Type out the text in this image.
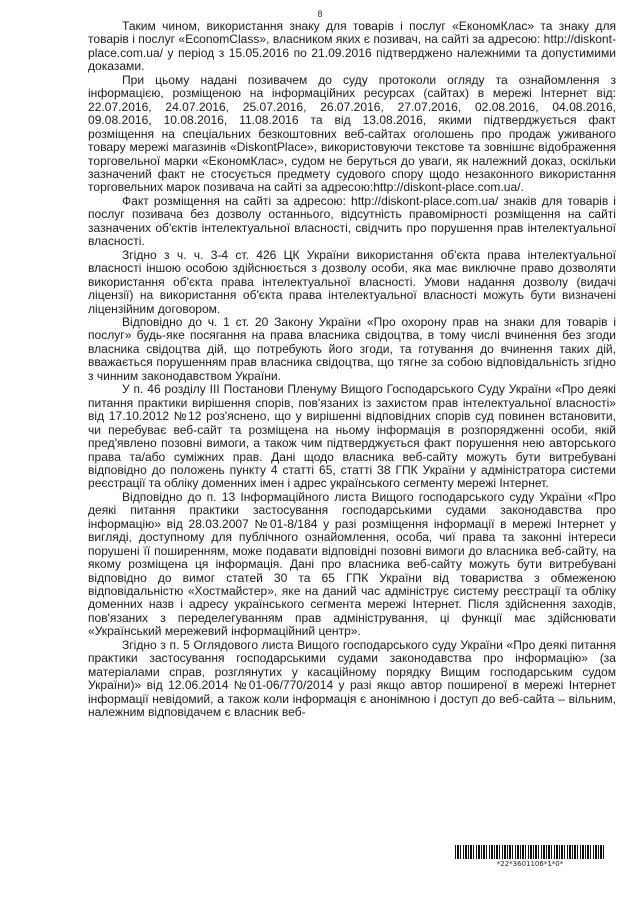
8

Таким чином, використання знаку для товарів і послуг «ЕкономКлас» та знаку для товарів і послуг «EconomClass», власником яких є позивач, на сайті за адресою: http://diskont-place.com.ua/ у період з 15.05.2016 по 21.09.2016 підтверджено належними та допустимими доказами.

При цьому надані позивачем до суду протоколи огляду та ознайомлення з інформацією, розміщеною на інформаційних ресурсах (сайтах) в мережі Інтернет від: 22.07.2016, 24.07.2016, 25.07.2016, 26.07.2016, 27.07.2016, 02.08.2016, 04.08.2016, 09.08.2016, 10.08.2016, 11.08.2016 та від 13.08.2016, якими підтверджується факт розміщення на спеціальних безкоштовних веб-сайтах оголошень про продаж уживаного товару мережі магазинів «DiskontPlace», використовуючи текстове та зовнішнє відображення торговельної марки «ЕкономКлас», судом не беруться до уваги, як належний доказ, оскільки зазначений факт не стосується предмету судового спору щодо незаконного використання торговельних марок позивача на сайті за адресою:http://diskont-place.com.ua/.

Факт розміщення на сайті за адресою: http://diskont-place.com.ua/ знаків для товарів і послуг позивача без дозволу останнього, відсутність правомірності розміщення на сайті зазначених об'єктів інтелектуальної власності, свідчить про порушення прав інтелектуальної власності.

Згідно з ч. ч. 3-4 ст. 426 ЦК України використання об'єкта права інтелектуальної власності іншою особою здійснюється з дозволу особи, яка має виключне право дозволяти використання об'єкта права інтелектуальної власності. Умови надання дозволу (видачі ліцензії) на використання об'єкта права інтелектуальної власності можуть бути визначені ліцензійним договором.

Відповідно до ч. 1 ст. 20 Закону України «Про охорону прав на знаки для товарів і послуг» будь-яке посягання на права власника свідоцтва, в тому числі вчинення без згоди власника свідоцтва дій, що потребують його згоди, та готування до вчинення таких дій, вважається порушенням прав власника свідоцтва, що тягне за собою відповідальність згідно з чинним законодавством України.

У п. 46 розділу III Постанови Пленуму Вищого Господарського Суду України «Про деякі питання практики вирішення спорів, пов'язаних із захистом прав інтелектуальної власності» від 17.10.2012 №12 роз'яснено, що у вирішенні відповідних спорів суд повинен встановити, чи перебуває веб-сайт та розміщена на ньому інформація в розпорядженні особи, якій пред'явлено позовні вимоги, а також чим підтверджується факт порушення нею авторського права та/або суміжних прав. Дані щодо власника веб-сайту можуть бути витребувані відповідно до положень пункту 4 статті 65, статті 38 ГПК України у адміністратора системи реєстрації та обліку доменних імен і адрес українського сегменту мережі Інтернет.

Відповідно до п. 13 Інформаційного листа Вищого господарського суду України «Про деякі питання практики застосування господарськими судами законодавства про інформацію» від 28.03.2007 №01-8/184 у разі розміщення інформації в мережі Інтернет у вигляді, доступному для публічного ознайомлення, особа, чиї права та законні інтереси порушені її поширенням, може подавати відповідні позовні вимоги до власника веб-сайту, на якому розміщена ця інформація. Дані про власника веб-сайту можуть бути витребувані відповідно до вимог статей 30 та 65 ГПК України від товариства з обмеженою відповідальністю «Хостмайстер», яке на даний час адмініструє систему реєстрації та обліку доменних назв і адресу українського сегмента мережі Інтернет. Після здійснення заходів, пов'язаних з переделегуванням прав адміністрування, ці функції має здійснювати «Український мережевий інформаційний центр».

Згідно з п. 5 Оглядового листа Вищого господарського суду України «Про деякі питання практики застосування господарськими судами законодавства про інформацію» (за матеріалами справ, розглянутих у касаційному порядку Вищим господарським судом України)» від 12.06.2014 №01-06/770/2014 у разі якщо автор поширеної в мережі Інтернет інформації невідомий, а також коли інформація є анонімною і доступ до веб-сайта – вільним, належним відповідачем є власник веб-

*22*3601106*1*0*
